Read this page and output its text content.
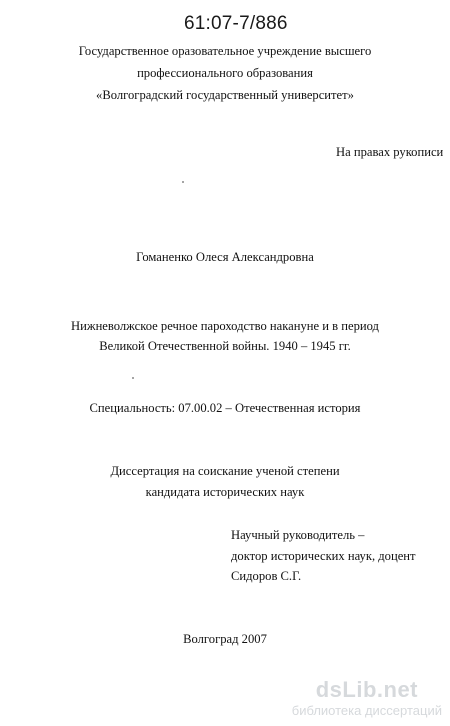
61:07-7/886
Государственное оразовательное учреждение высшего
профессионального образования
«Волгоградский государственный университет»
На правах рукописи
Гоманенко Олеся Александровна
Нижневолжское речное пароходство накануне и в период
Великой Отечественной войны. 1940 – 1945 гг.
Специальность: 07.00.02 – Отечественная история
Диссертация на соискание ученой степени
кандидата исторических наук
Научный руководитель –
доктор исторических наук, доцент
Сидоров С.Г.
Волгоград 2007
dsLib.net
библиотека диссертаций
